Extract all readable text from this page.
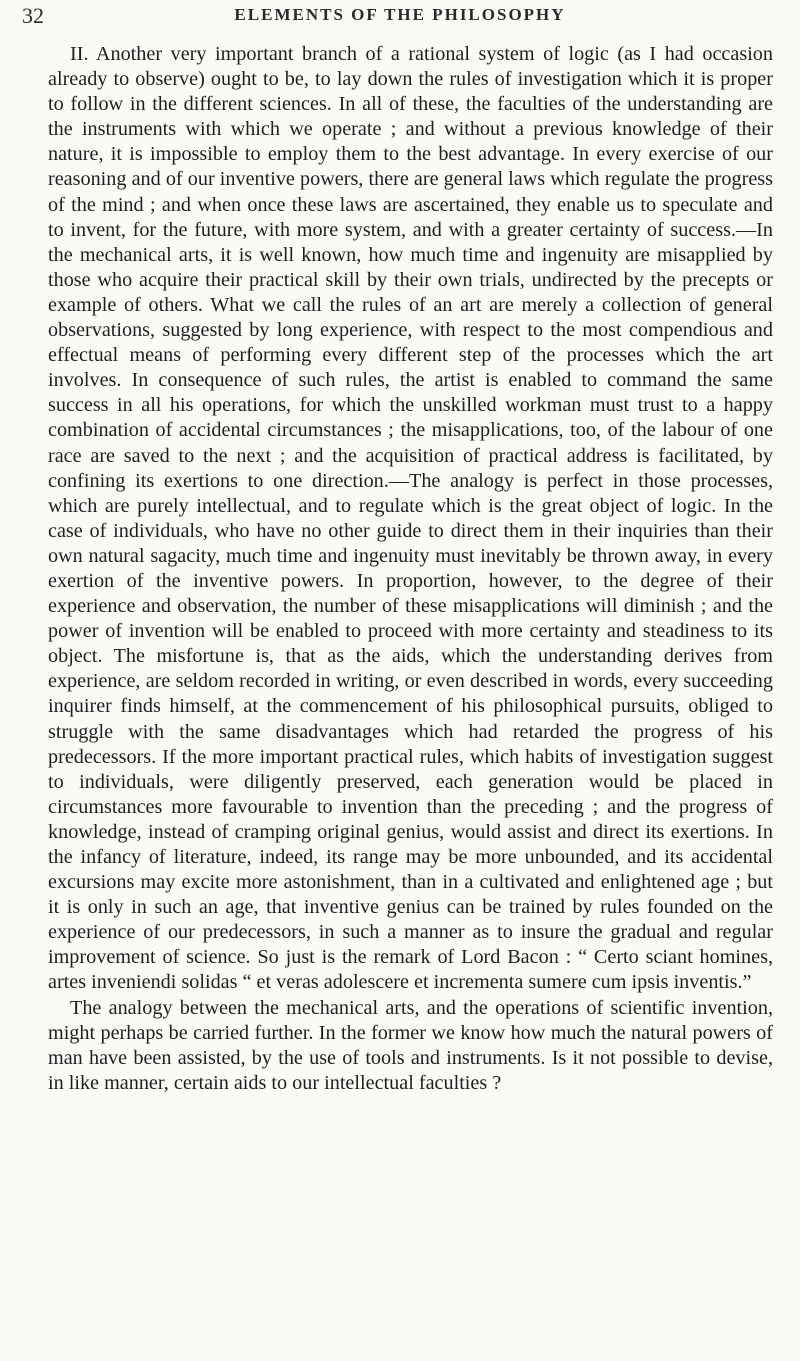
32	ELEMENTS OF THE PHILOSOPHY

II. Another very important branch of a rational system of logic (as I had occasion already to observe) ought to be, to lay down the rules of investigation which it is proper to follow in the different sciences. In all of these, the faculties of the understanding are the instruments with which we operate ; and without a previous knowledge of their nature, it is impossible to employ them to the best advantage. In every exercise of our reasoning and of our inventive powers, there are general laws which regulate the progress of the mind ; and when once these laws are ascertained, they enable us to speculate and to invent, for the future, with more system, and with a greater certainty of success.—In the mechanical arts, it is well known, how much time and ingenuity are misapplied by those who acquire their practical skill by their own trials, undirected by the precepts or example of others. What we call the rules of an art are merely a collection of general observations, suggested by long experience, with respect to the most compendious and effectual means of performing every different step of the processes which the art involves. In consequence of such rules, the artist is enabled to command the same success in all his operations, for which the unskilled workman must trust to a happy combination of accidental circumstances ; the misapplications, too, of the labour of one race are saved to the next ; and the acquisition of practical address is facilitated, by confining its exertions to one direction.—The analogy is perfect in those processes, which are purely intellectual, and to regulate which is the great object of logic. In the case of individuals, who have no other guide to direct them in their inquiries than their own natural sagacity, much time and ingenuity must inevitably be thrown away, in every exertion of the inventive powers. In proportion, however, to the degree of their experience and observation, the number of these misapplications will diminish ; and the power of invention will be enabled to proceed with more certainty and steadiness to its object. The misfortune is, that as the aids, which the understanding derives from experience, are seldom recorded in writing, or even described in words, every succeeding inquirer finds himself, at the commencement of his philosophical pursuits, obliged to struggle with the same disadvantages which had retarded the progress of his predecessors. If the more important practical rules, which habits of investigation suggest to individuals, were diligently preserved, each generation would be placed in circumstances more favourable to invention than the preceding ; and the progress of knowledge, instead of cramping original genius, would assist and direct its exertions. In the infancy of literature, indeed, its range may be more unbounded, and its accidental excursions may excite more astonishment, than in a cultivated and enlightened age ; but it is only in such an age, that inventive genius can be trained by rules founded on the experience of our predecessors, in such a manner as to insure the gradual and regular improvement of science. So just is the remark of Lord Bacon : “ Certo sciant homines, artes inveniendi solidas “ et veras adolescere et incrementa sumere cum ipsis inventis.”

The analogy between the mechanical arts, and the operations of scientific invention, might perhaps be carried further. In the former we know how much the natural powers of man have been assisted, by the use of tools and instruments. Is it not possible to devise, in like manner, certain aids to our intellectual faculties ?
